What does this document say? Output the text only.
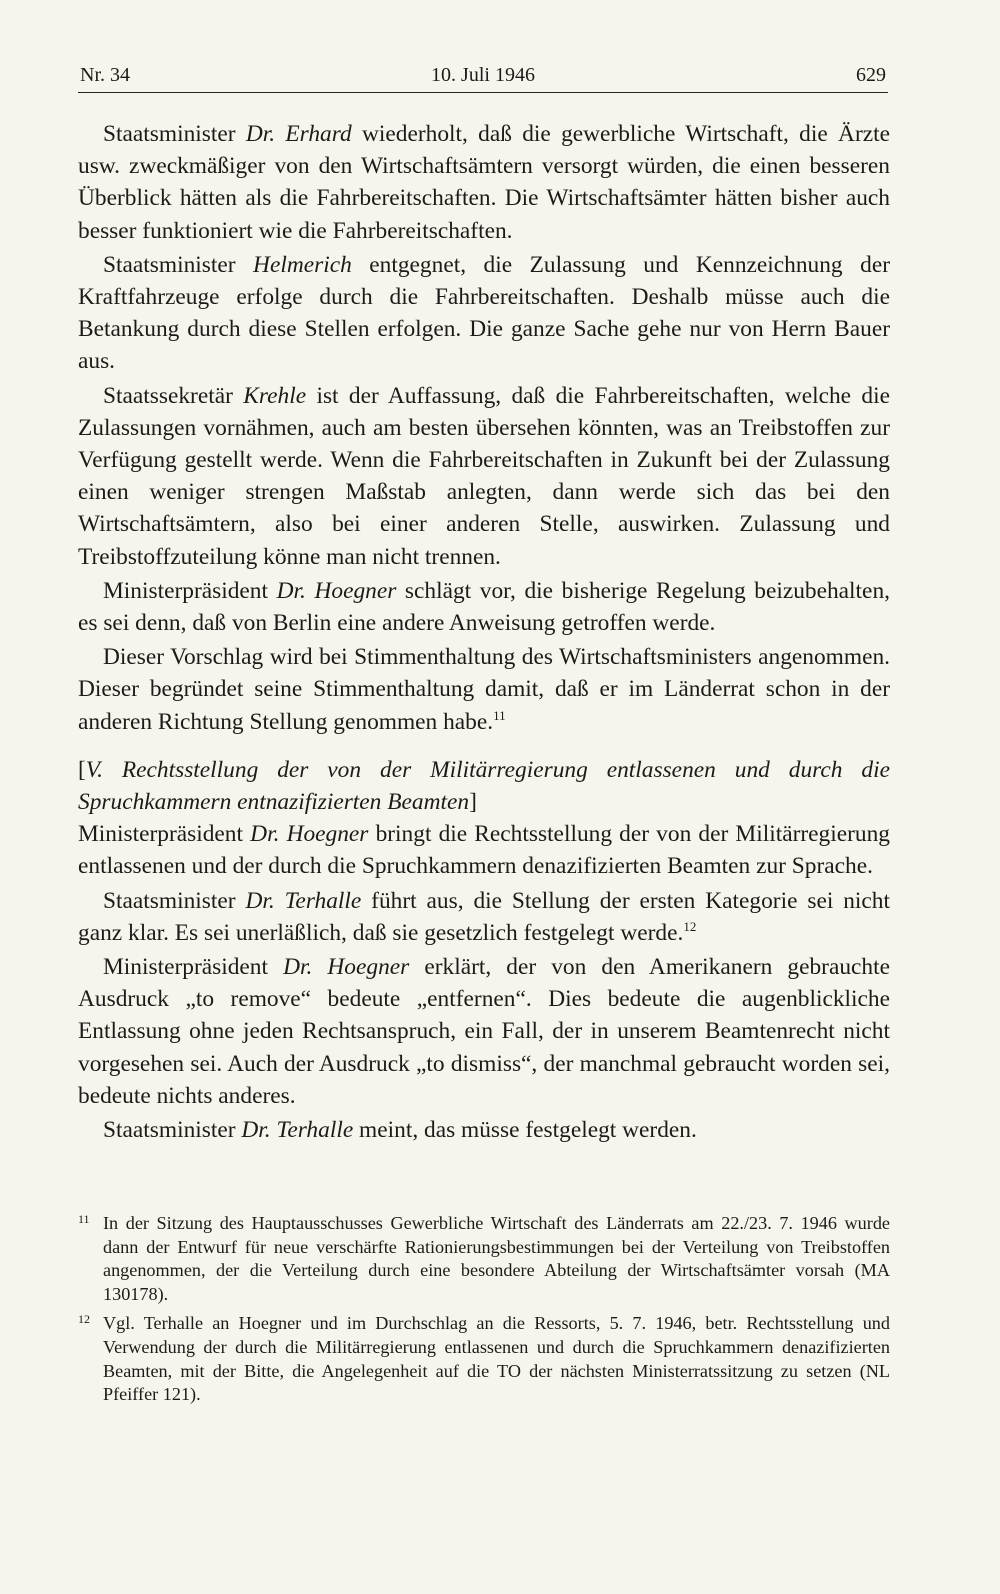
Nr. 34	10. Juli 1946	629

Staatsminister Dr. Erhard wiederholt, daß die gewerbliche Wirtschaft, die Ärzte usw. zweckmäßiger von den Wirtschaftsämtern versorgt würden, die einen besseren Überblick hätten als die Fahrbereitschaften. Die Wirtschaftsämter hätten bisher auch besser funktioniert wie die Fahrbereitschaften.

Staatsminister Helmerich entgegnet, die Zulassung und Kennzeichnung der Kraftfahrzeuge erfolge durch die Fahrbereitschaften. Deshalb müsse auch die Betankung durch diese Stellen erfolgen. Die ganze Sache gehe nur von Herrn Bauer aus.

Staatssekretär Krehle ist der Auffassung, daß die Fahrbereitschaften, welche die Zulassungen vornähmen, auch am besten übersehen könnten, was an Treibstoffen zur Verfügung gestellt werde. Wenn die Fahrbereitschaften in Zukunft bei der Zulassung einen weniger strengen Maßstab anlegten, dann werde sich das bei den Wirtschaftsämtern, also bei einer anderen Stelle, auswirken. Zulassung und Treibstoffzuteilung könne man nicht trennen.

Ministerpräsident Dr. Hoegner schlägt vor, die bisherige Regelung beizubehalten, es sei denn, daß von Berlin eine andere Anweisung getroffen werde.

Dieser Vorschlag wird bei Stimmenthaltung des Wirtschaftsministers angenommen. Dieser begründet seine Stimmenthaltung damit, daß er im Länderrat schon in der anderen Richtung Stellung genommen habe.$^{11}$

[V. Rechtsstellung der von der Militärregierung entlassenen und durch die Spruchkammern entnazifizierten Beamten]

Ministerpräsident Dr. Hoegner bringt die Rechtsstellung der von der Militärregierung entlassenen und der durch die Spruchkammern denazifizierten Beamten zur Sprache.

Staatsminister Dr. Terhalle führt aus, die Stellung der ersten Kategorie sei nicht ganz klar. Es sei unerläßlich, daß sie gesetzlich festgelegt werde.$^{12}$

Ministerpräsident Dr. Hoegner erklärt, der von den Amerikanern gebrauchte Ausdruck „to remove“ bedeute „entfernen“. Dies bedeute die augenblickliche Entlassung ohne jeden Rechtsanspruch, ein Fall, der in unserem Beamtenrecht nicht vorgesehen sei. Auch der Ausdruck „to dismiss“, der manchmal gebraucht worden sei, bedeute nichts anderes.

Staatsminister Dr. Terhalle meint, das müsse festgelegt werden.

11 In der Sitzung des Hauptausschusses Gewerbliche Wirtschaft des Länderrats am 22./23. 7. 1946 wurde dann der Entwurf für neue verschärfte Rationierungsbestimmungen bei der Verteilung von Treibstoffen angenommen, der die Verteilung durch eine besondere Abteilung der Wirtschaftsämter vorsah (MA 130178).
12 Vgl. Terhalle an Hoegner und im Durchschlag an die Ressorts, 5. 7. 1946, betr. Rechtsstellung und Verwendung der durch die Militärregierung entlassenen und durch die Spruchkammern denazifizierten Beamten, mit der Bitte, die Angelegenheit auf die TO der nächsten Ministerratssitzung zu setzen (NL Pfeiffer 121).
